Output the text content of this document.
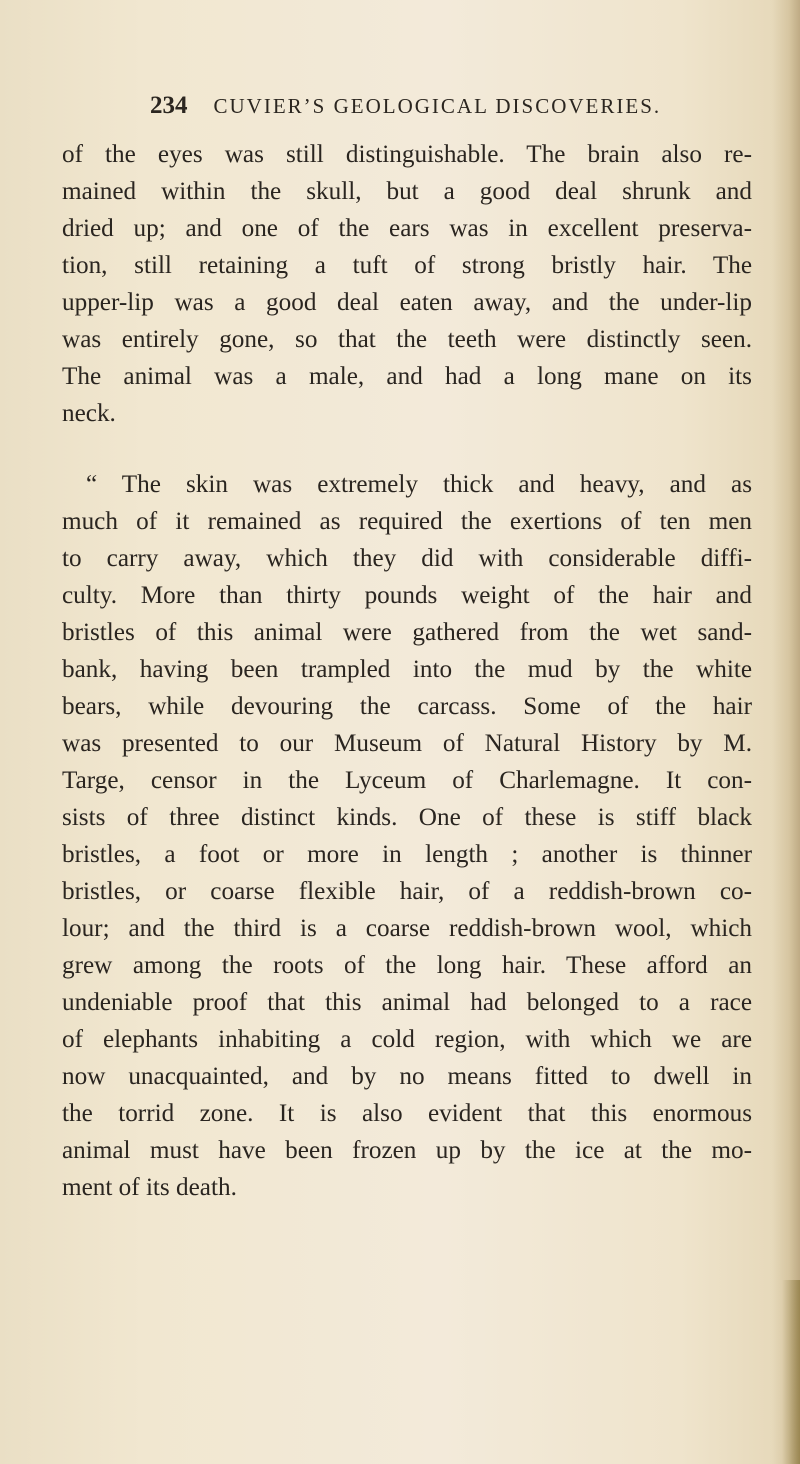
234 CUVIER’S GEOLOGICAL DISCOVERIES.
of the eyes was still distinguishable. The brain also re-
mained within the skull, but a good deal shrunk and
dried up; and one of the ears was in excellent preserva-
tion, still retaining a tuft of strong bristly hair. The
upper-lip was a good deal eaten away, and the under-lip
was entirely gone, so that the teeth were distinctly seen.
The animal was a male, and had a long mane on its
neck.
“ The skin was extremely thick and heavy, and as
much of it remained as required the exertions of ten men
to carry away, which they did with considerable diffi-
culty. More than thirty pounds weight of the hair and
bristles of this animal were gathered from the wet sand-
bank, having been trampled into the mud by the white
bears, while devouring the carcass. Some of the hair
was presented to our Museum of Natural History by M.
Targe, censor in the Lyceum of Charlemagne. It con-
sists of three distinct kinds. One of these is stiff black
bristles, a foot or more in length ; another is thinner
bristles, or coarse flexible hair, of a reddish-brown co-
lour; and the third is a coarse reddish-brown wool, which
grew among the roots of the long hair. These afford an
undeniable proof that this animal had belonged to a race
of elephants inhabiting a cold region, with which we are
now unacquainted, and by no means fitted to dwell in
the torrid zone. It is also evident that this enormous
animal must have been frozen up by the ice at the mo-
ment of its death.
